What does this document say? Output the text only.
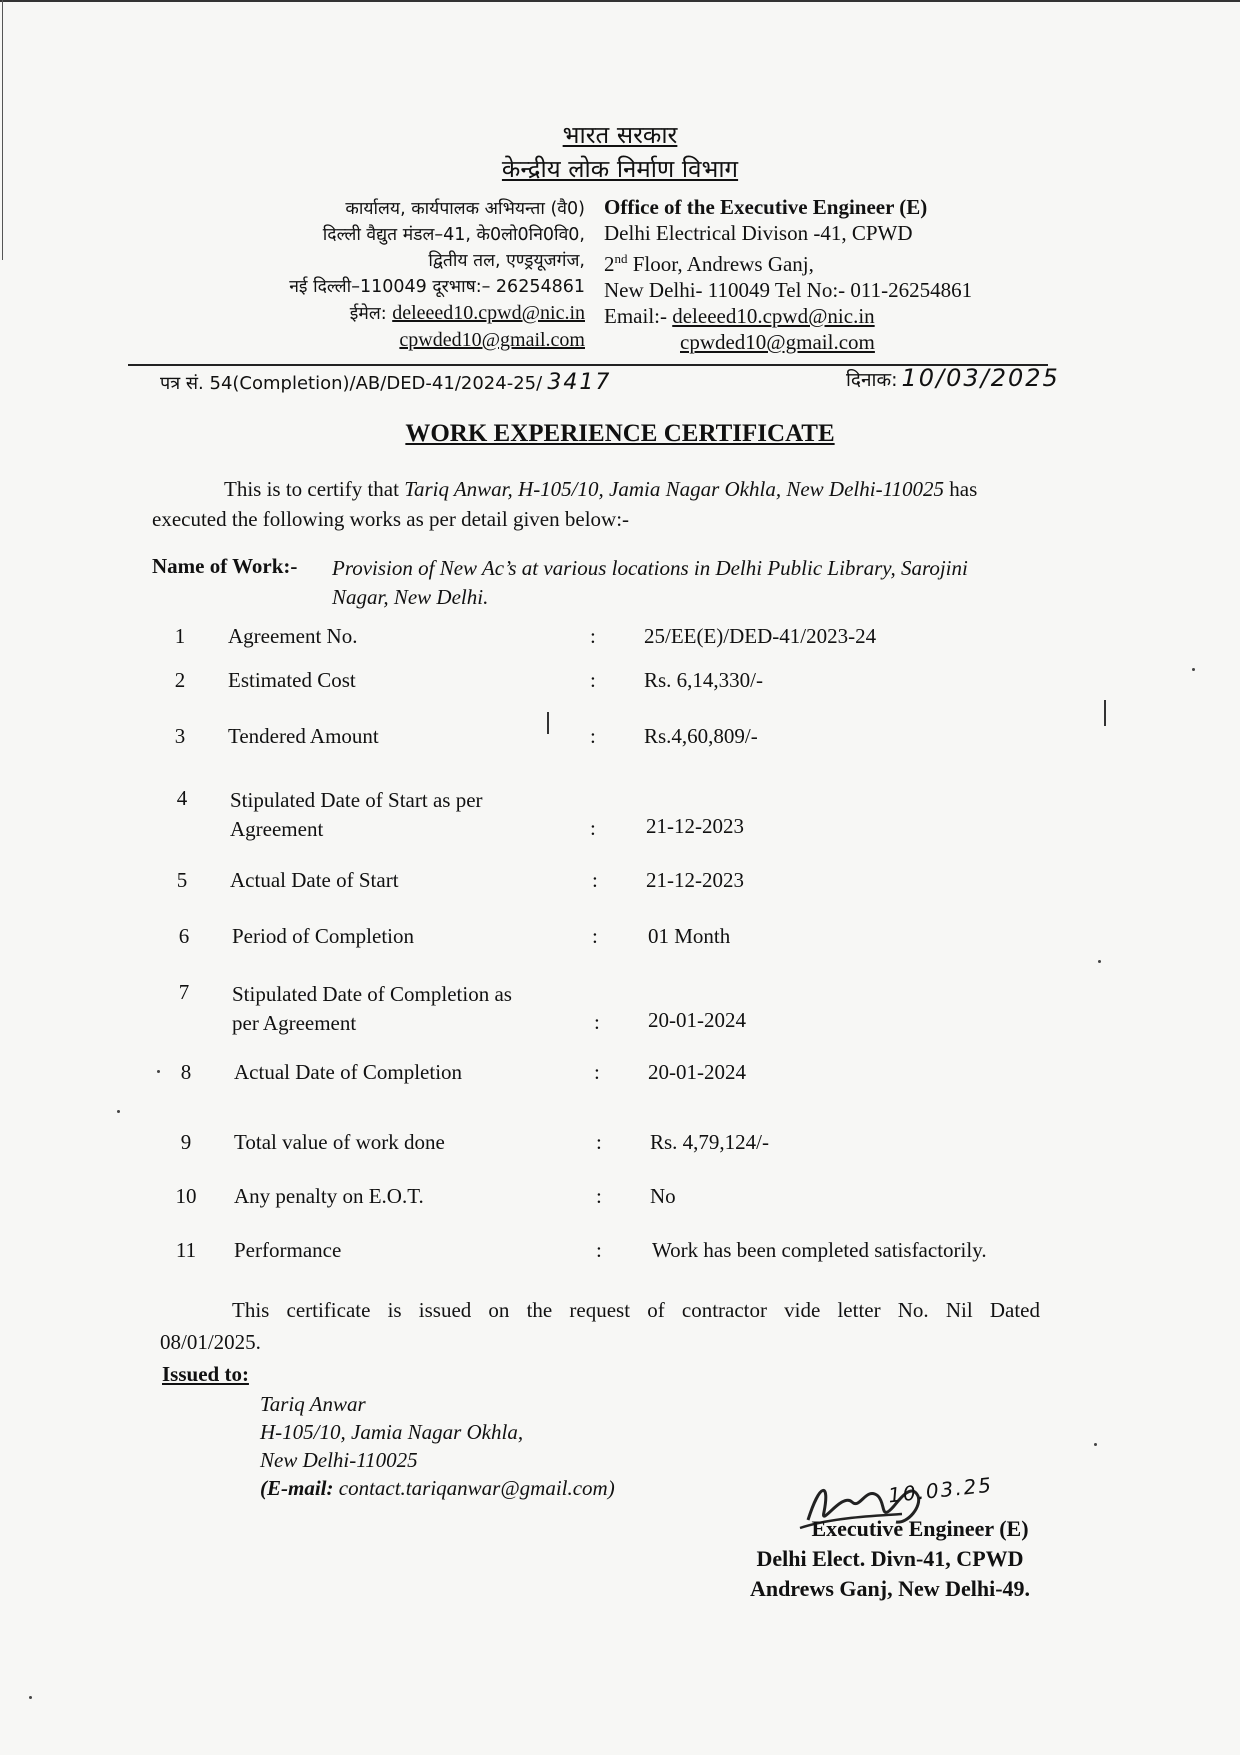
भारत सरकार
केन्द्रीय लोक निर्माण विभाग
कार्यालय, कार्यपालक अभियन्ता (वै0)
दिल्ली वैद्युत मंडल–41, के0लो0नि0वि0,
द्वितीय तल, एण्ड्रयूजगंज,
नई दिल्ली–110049 दूरभाष:– 26254861
ईमेल: deleeed10.cpwd@nic.in
cpwded10@gmail.com
Office of the Executive Engineer (E)
Delhi Electrical Divison -41, CPWD
2nd Floor, Andrews Ganj,
New Delhi- 110049 Tel No:- 011-26254861
Email:- deleeed10.cpwd@nic.in
cpwded10@gmail.com
पत्र सं. 54(Completion)/AB/DED-41/2024-25/ 3417	दिनाक: 10/03/2025
WORK EXPERIENCE CERTIFICATE
This is to certify that Tariq Anwar, H-105/10, Jamia Nagar Okhla, New Delhi-110025 has
executed the following works as per detail given below:-
Name of Work:- Provision of New Ac’s at various locations in Delhi Public Library, Sarojini
Nagar, New Delhi.
1	Agreement No.	: 25/EE(E)/DED-41/2023-24
2	Estimated Cost	: Rs. 6,14,330/-
3	Tendered Amount	: Rs.4,60,809/-
4	Stipulated Date of Start as per
Agreement	: 21-12-2023
5	Actual Date of Start	: 21-12-2023
6	Period of Completion	: 01 Month
7	Stipulated Date of Completion as
per Agreement	: 20-01-2024
8	Actual Date of Completion	: 20-01-2024
9	Total value of work done	: Rs. 4,79,124/-
10	Any penalty on E.O.T.	: No
11	Performance	: Work has been completed satisfactorily.
This certificate is issued on the request of contractor vide letter No. Nil Dated
08/01/2025.
Issued to:
Tariq Anwar
H-105/10, Jamia Nagar Okhla,
New Delhi-110025
(E-mail: contact.tariqanwar@gmail.com)	10.03.25
Executive Engineer (E)
Delhi Elect. Divn-41, CPWD
Andrews Ganj, New Delhi-49.
